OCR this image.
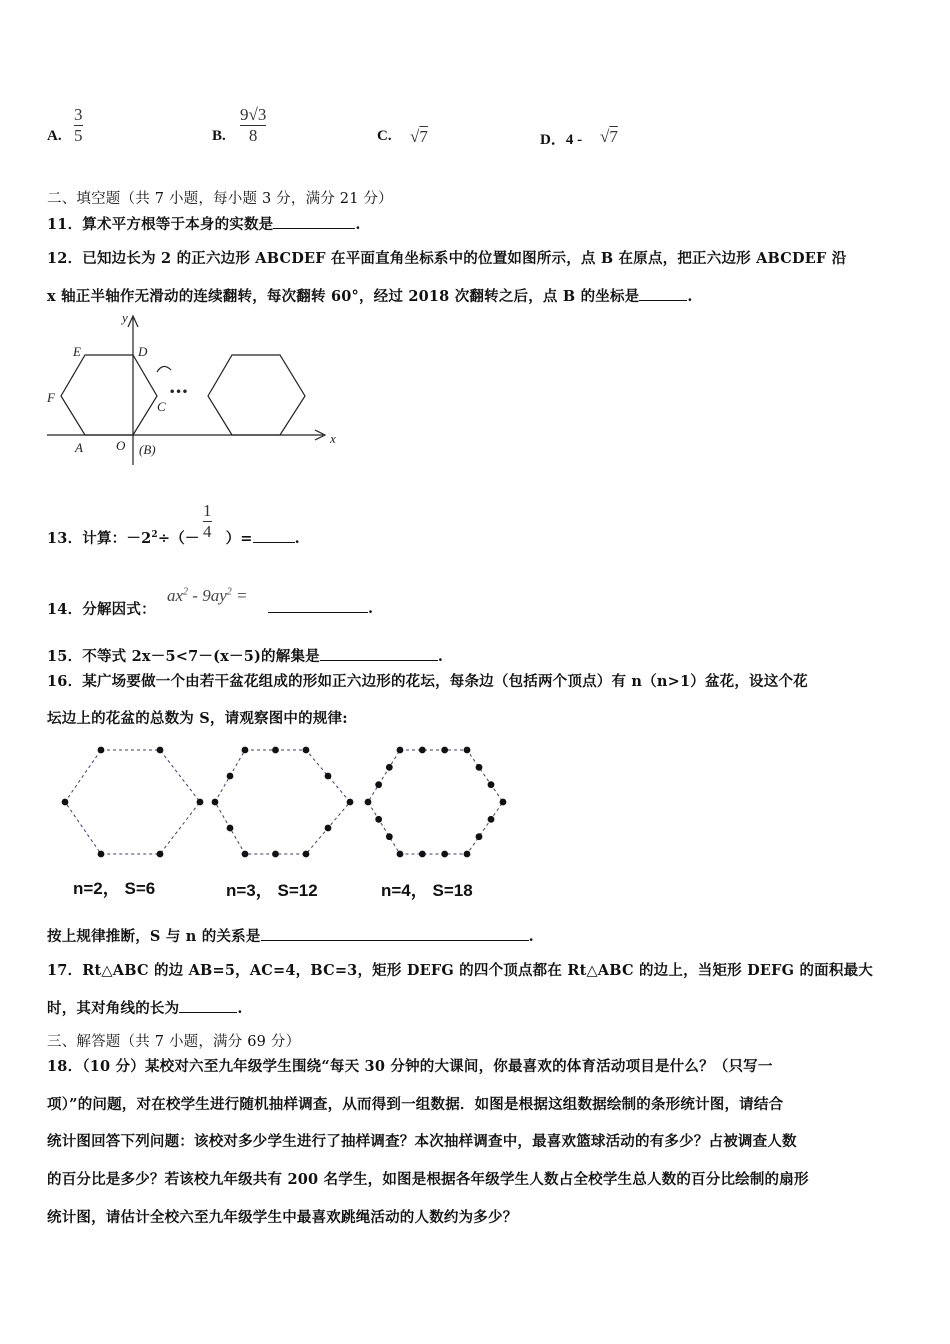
A.
3
5	B.
9√3
8	C. √7	D．4 - √7
二、填空题（共 7 小题，每小题 3 分，满分 21 分）
11．算术平方根等于本身的实数是	.
12．已知边长为 2 的正六边形 ABCDEF 在平面直角坐标系中的位置如图所示，点 B 在原点，把正六边形 ABCDEF 沿
x 轴正半轴作无滑动的连续翻转，每次翻转 60°，经过 2018 次翻转之后，点 B 的坐标是	.
y
x
E	D
F
C
A	O (B)
•••
13．计算：$-2^2\div(-$ ）=	.
1
4
14．分解因式：
$ax^2 - 9ay^2$ =
.
15．不等式 2x－5<7－(x－5)的解集是	.
16．某广场要做一个由若干盆花组成的形如正六边形的花坛，每条边（包括两个顶点）有 n（n>1）盆花，设这个花
坛边上的花盆的总数为 S，请观察图中的规律:
n=2， S=6	n=3， S=12	n=4， S=18
按上规律推断，S 与 n 的关系是	.
17．Rt△ABC 的边 AB=5，AC=4，BC=3，矩形 DEFG 的四个顶点都在 Rt△ABC 的边上，当矩形 DEFG 的面积最大
时，其对角线的长为	.
三、解答题（共 7 小题，满分 69 分）
18．（10 分）某校对六至九年级学生围绕“每天 30 分钟的大课间，你最喜欢的体育活动项目是什么？（只写一
项）”的问题，对在校学生进行随机抽样调查，从而得到一组数据．如图是根据这组数据绘制的条形统计图，请结合
统计图回答下列问题：该校对多少学生进行了抽样调查？本次抽样调查中，最喜欢篮球活动的有多少？占被调查人数
的百分比是多少？若该校九年级共有 200 名学生，如图是根据各年级学生人数占全校学生总人数的百分比绘制的扇形
统计图，请估计全校六至九年级学生中最喜欢跳绳活动的人数约为多少？
